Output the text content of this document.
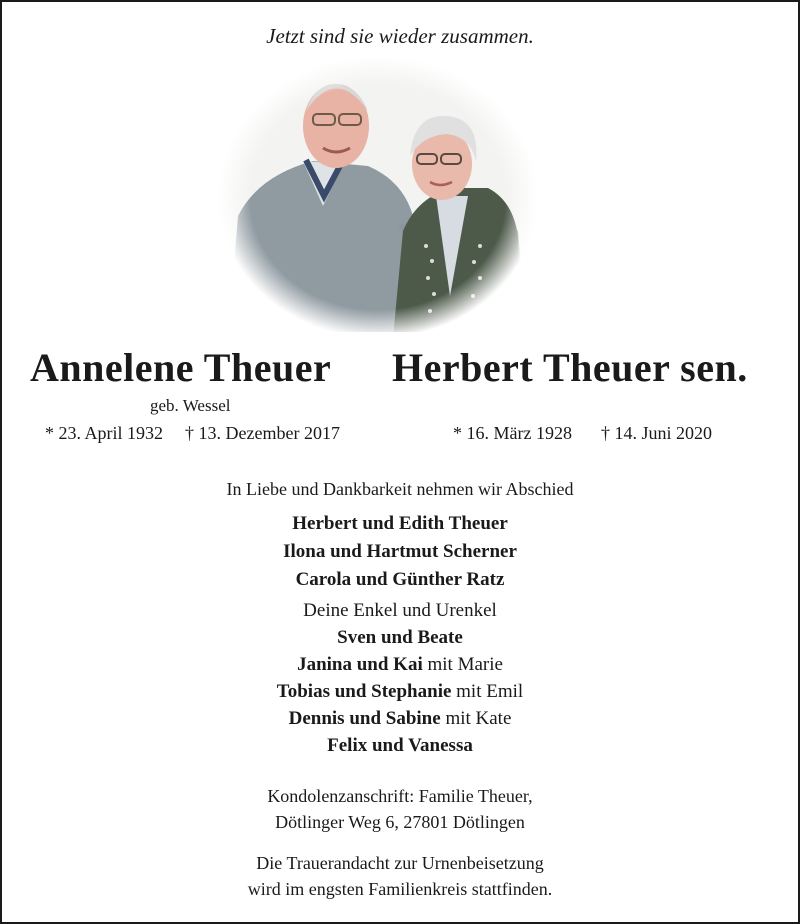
Jetzt sind sie wieder zusammen.
Annelene Theuer Herbert Theuer sen.
geb. Wessel
* 23. April 1932 † 13. Dezember 2017	* 16. März 1928 † 14. Juni 2020
In Liebe und Dankbarkeit nehmen wir Abschied
Herbert und Edith Theuer
Ilona und Hartmut Scherner
Carola und Günther Ratz
Deine Enkel und Urenkel
Sven und Beate
Janina und Kai mit Marie
Tobias und Stephanie mit Emil
Dennis und Sabine mit Kate
Felix und Vanessa
Kondolenzanschrift: Familie Theuer,
Dötlinger Weg 6, 27801 Dötlingen
Die Trauerandacht zur Urnenbeisetzung
wird im engsten Familienkreis stattfinden.
